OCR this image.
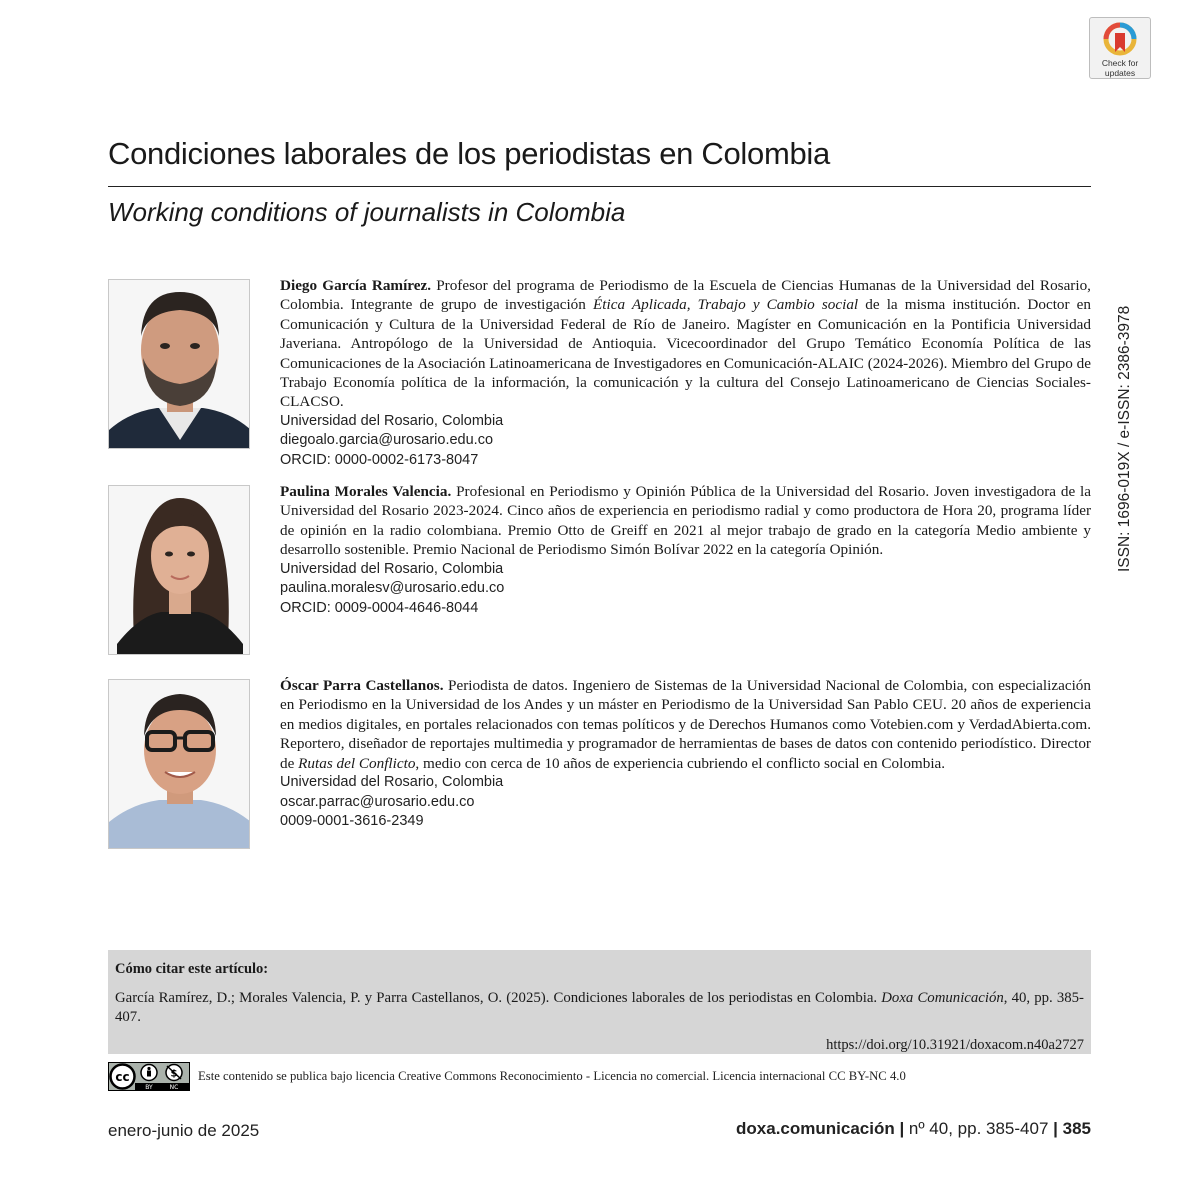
Check for
updates
Condiciones laborales de los periodistas en Colombia
Working conditions of journalists in Colombia
ISSN: 1696-019X / e-ISSN: 2386-3978

Diego García Ramírez. Profesor del programa de Periodismo de la Escuela de Ciencias Humanas de la Universidad del Rosario, Colombia. Integrante de grupo de investigación Ética Aplicada, Trabajo y Cambio social de la misma institución. Doctor en Comunicación y Cultura de la Universidad Federal de Río de Janeiro. Magíster en Comunicación en la Pontificia Universidad Javeriana. Antropólogo de la Universidad de Antioquia. Vicecoordinador del Grupo Temático Economía Política de las Comunicaciones de la Asociación Latinoamericana de Investigadores en Comunicación-ALAIC (2024-2026). Miembro del Grupo de Trabajo Economía política de la información, la comunicación y la cultura del Consejo Latinoamericano de Ciencias Sociales- CLACSO.

Universidad del Rosario, Colombia
diegoalo.garcia@urosario.edu.co
ORCID: 0000-0002-6173-8047

Paulina Morales Valencia. Profesional en Periodismo y Opinión Pública de la Universidad del Rosario. Joven investigadora de la Universidad del Rosario 2023-2024. Cinco años de experiencia en periodismo radial y como productora de Hora 20, programa líder de opinión en la radio colombiana. Premio Otto de Greiff en 2021 al mejor trabajo de grado en la categoría Medio ambiente y desarrollo sostenible. Premio Nacional de Periodismo Simón Bolívar 2022 en la categoría Opinión.

Universidad del Rosario, Colombia
paulina.moralesv@urosario.edu.co
ORCID: 0009-0004-4646-8044

Óscar Parra Castellanos. Periodista de datos. Ingeniero de Sistemas de la Universidad Nacional de Colombia, con especialización en Periodismo en la Universidad de los Andes y un máster en Periodismo de la Universidad San Pablo CEU. 20 años de experiencia en medios digitales, en portales relacionados con temas políticos y de Derechos Humanos como Votebien.com y VerdadAbierta.com. Reportero, diseñador de reportajes multimedia y programador de herramientas de bases de datos con contenido periodístico. Director de Rutas del Conflicto, medio con cerca de 10 años de experiencia cubriendo el conflicto social en Colombia.

Universidad del Rosario, Colombia
oscar.parrac@urosario.edu.co
0009-0001-3616-2349

Cómo citar este artículo:

García Ramírez, D.; Morales Valencia, P. y Parra Castellanos, O. (2025). Condiciones laborales de los periodistas en Colombia. Doxa Comunicación, 40, pp. 385-407.

https://doi.org/10.31921/doxacom.n40a2727
cc	$
BY	NC
Este contenido se publica bajo licencia Creative Commons Reconocimiento - Licencia no comercial. Licencia internacional CC BY-NC 4.0
enero-junio de 2025	doxa.comunicación | nº 40, pp. 385-407 | 385
